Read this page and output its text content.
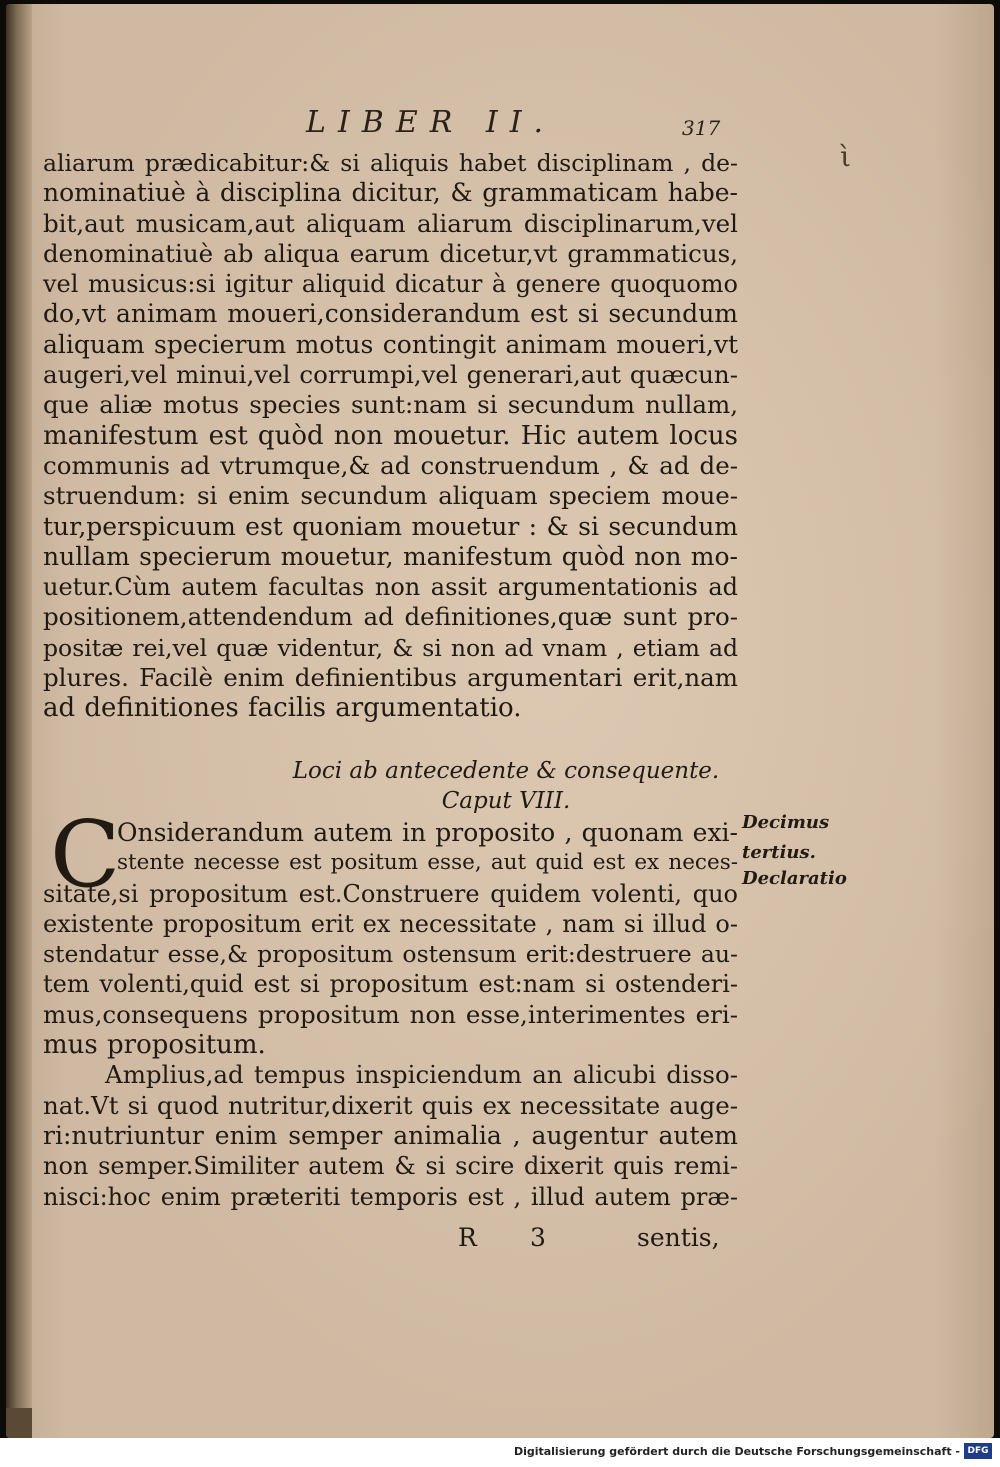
LIBER II.	317
ὶ
aliarum prædicabitur:& si aliquis habet disciplinam , de-
nominatiuè à disciplina dicitur, & grammaticam habe-
bit,aut musicam,aut aliquam aliarum disciplinarum,vel
denominatiuè ab aliqua earum dicetur,vt grammaticus,
vel musicus:si igitur aliquid dicatur à genere quoquomo
do,vt animam moueri,considerandum est si secundum
aliquam specierum motus contingit animam moueri,vt
augeri,vel minui,vel corrumpi,vel generari,aut quæcun-
que aliæ motus species sunt:nam si secundum nullam,
manifestum est quòd non mouetur. Hic autem locus
communis ad vtrumque,& ad construendum , & ad de-
struendum: si enim secundum aliquam speciem moue-
tur,perspicuum est quoniam mouetur : & si secundum
nullam specierum mouetur, manifestum quòd non mo-
uetur.Cùm autem facultas non assit argumentationis ad
positionem,attendendum ad definitiones,quæ sunt pro-
positæ rei,vel quæ videntur, & si non ad vnam , etiam ad
plures. Facilè enim definientibus argumentari erit,nam
ad definitiones facilis argumentatio.
Loci ab antecedente & consequente.
Caput VIII.
C
Onsiderandum autem in proposito , quonam exi-
stente necesse est positum esse, aut quid est ex neces-
sitate,si propositum est.Construere quidem volenti, quo
existente propositum erit ex necessitate , nam si illud o-
stendatur esse,& propositum ostensum erit:destruere au-
tem volenti,quid est si propositum est:nam si ostenderi-
mus,consequens propositum non esse,interimentes eri-
mus propositum.
Amplius,ad tempus inspiciendum an alicubi disso-
nat.Vt si quod nutritur,dixerit quis ex necessitate auge-
ri:nutriuntur enim semper animalia , augentur autem
non semper.Similiter autem & si scire dixerit quis remi-
nisci:hoc enim præteriti temporis est , illud autem præ-
Decimus
tertius.
Declaratio
R 3	sentis,
Digitalisierung gefördert durch die Deutsche Forschungsgemeinschaft - DFG
